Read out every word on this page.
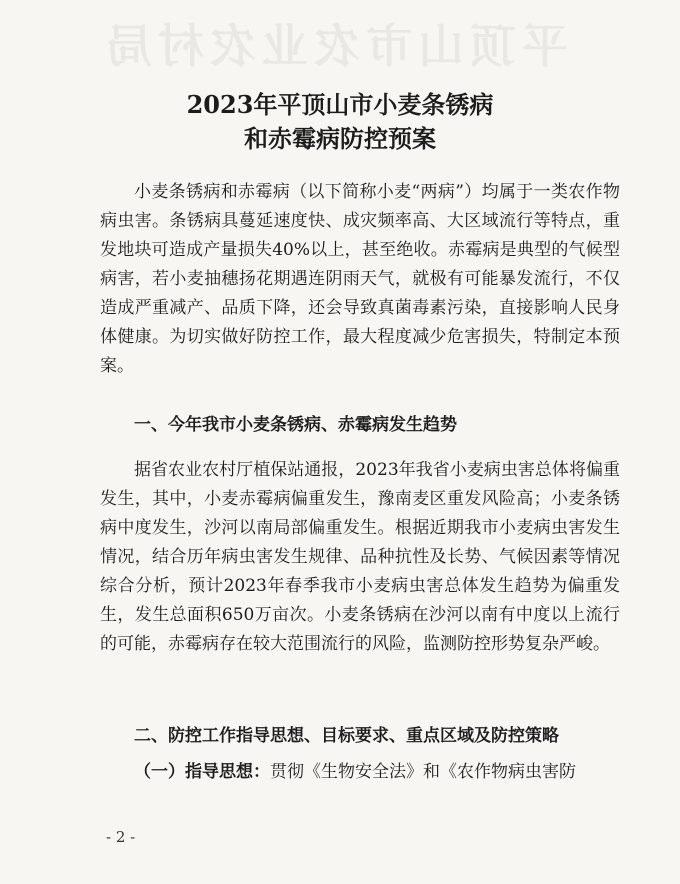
平顶山市农业农村局
2023年平顶山市小麦条锈病
和赤霉病防控预案
小麦条锈病和赤霉病（以下简称小麦“两病”）均属于一类农作物病虫害。条锈病具蔓延速度快、成灾频率高、大区域流行等特点，重发地块可造成产量损失40%以上，甚至绝收。赤霉病是典型的气候型病害，若小麦抽穗扬花期遇连阴雨天气，就极有可能暴发流行，不仅造成严重减产、品质下降，还会导致真菌毒素污染，直接影响人民身体健康。为切实做好防控工作，最大程度减少危害损失，特制定本预案。
一、今年我市小麦条锈病、赤霉病发生趋势
据省农业农村厅植保站通报，2023年我省小麦病虫害总体将偏重发生，其中，小麦赤霉病偏重发生，豫南麦区重发风险高；小麦条锈病中度发生，沙河以南局部偏重发生。根据近期我市小麦病虫害发生情况，结合历年病虫害发生规律、品种抗性及长势、气候因素等情况综合分析，预计2023年春季我市小麦病虫害总体发生趋势为偏重发生，发生总面积650万亩次。小麦条锈病在沙河以南有中度以上流行的可能，赤霉病存在较大范围流行的风险，监测防控形势复杂严峻。
二、防控工作指导思想、目标要求、重点区域及防控策略
（一）指导思想：贯彻《生物安全法》和《农作物病虫害防
- 2 -
